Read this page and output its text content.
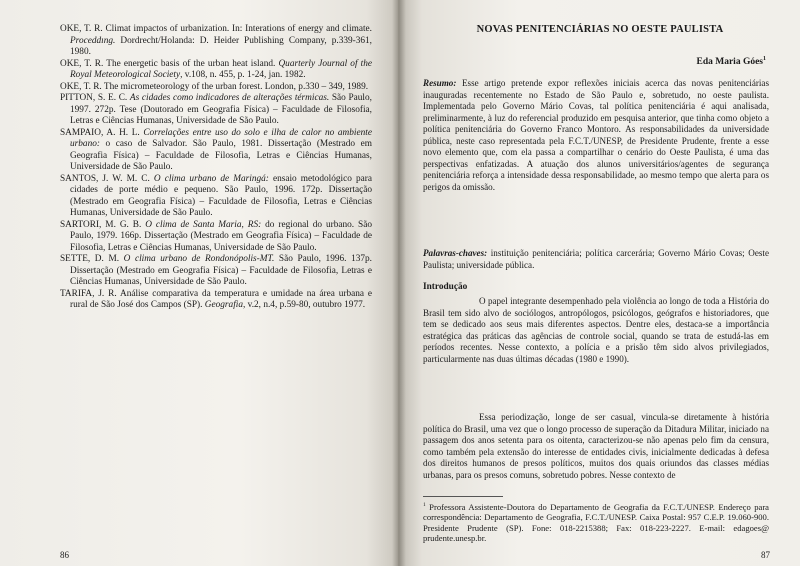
OKE, T. R. Climat impactos of urbanization. In: Interations of energy and climate. Proceddıng. Dordrecht/Holanda: D. Heider Publishing Company, p.339-361, 1980.

OKE, T. R. The energetic basis of the urban heat island. Quarterly Journal of the Royal Meteorological Society, v.108, n. 455, p. 1-24, jan. 1982.

OKE, T. R. The micrometeorology of the urban forest. London, p.330 – 349, 1989.

PITTON, S. E. C. As cidades como indicadores de alterações térmicas. São Paulo, 1997. 272p. Tese (Doutorado em Geografia Física) – Faculdade de Filosofia, Letras e Ciências Humanas, Universidade de São Paulo.

SAMPAIO, A. H. L. Correlações entre uso do solo e ilha de calor no ambiente urbano: o caso de Salvador. São Paulo, 1981. Dissertação (Mestrado em Geografia Física) – Faculdade de Filosofia, Letras e Ciências Humanas, Universidade de São Paulo.

SANTOS, J. W. M. C. O clima urbano de Maringá: ensaio metodológico para cidades de porte médio e pequeno. São Paulo, 1996. 172p. Dissertação (Mestrado em Geografia Física) – Faculdade de Filosofia, Letras e Ciências Humanas, Universidade de São Paulo.

SARTORI, M. G. B. O clima de Santa Maria, RS: do regional do urbano. São Paulo, 1979. 166p. Dissertação (Mestrado em Geografia Física) – Faculdade de Filosofia, Letras e Ciências Humanas, Universidade de São Paulo.

SETTE, D. M. O clima urbano de Rondonópolis-MT. São Paulo, 1996. 137p. Dissertação (Mestrado em Geografia Física) – Faculdade de Filosofia, Letras e Ciências Humanas, Universidade de São Paulo.

TARIFA, J. R. Análise comparativa da temperatura e umidade na área urbana e rural de São José dos Campos (SP). Geografia, v.2, n.4, p.59-80, outubro 1977.

86	87
NOVAS PENITENCIÁRIAS NO OESTE PAULISTA
Eda Maria Góes$^1$

Resumo: Esse artigo pretende expor reflexões iniciais acerca das novas penitenciárias inauguradas recentemente no Estado de São Paulo e, sobretudo, no oeste paulista. Implementada pelo Governo Mário Covas, tal política penitenciária é aqui analisada, preliminarmente, à luz do referencial produzido em pesquisa anterior, que tinha como objeto a política penitenciária do Governo Franco Montoro. As responsabilidades da universidade pública, neste caso representada pela F.C.T./UNESP, de Presidente Prudente, frente a esse novo elemento que, com ela passa a compartilhar o cenário do Oeste Paulista, é uma das perspectivas enfatizadas. A atuação dos alunos universitários/agentes de segurança penitenciária reforça a intensidade dessa responsabilidade, ao mesmo tempo que alerta para os perigos da omissão.

Palavras-chaves: instituição penitenciária; política carcerária; Governo Mário Covas; Oeste Paulista; universidade pública.

Introdução

O papel integrante desempenhado pela violência ao longo de toda a História do Brasil tem sido alvo de sociólogos, antropólogos, psicólogos, geógrafos e historiadores, que tem se dedicado aos seus mais diferentes aspectos. Dentre eles, destaca-se a importância estratégica das práticas das agências de controle social, quando se trata de estudá-las em períodos recentes. Nesse contexto, a polícia e a prisão têm sido alvos privilegiados, particularmente nas duas últimas décadas (1980 e 1990).

Essa periodização, longe de ser casual, vincula-se diretamente à história política do Brasil, uma vez que o longo processo de superação da Ditadura Militar, iniciado na passagem dos anos setenta para os oitenta, caracterizou-se não apenas pelo fim da censura, como também pela extensão do interesse de entidades civis, inicialmente dedicadas à defesa dos direitos humanos de presos políticos, muitos dos quais oriundos das classes médias urbanas, para os presos comuns, sobretudo pobres. Nesse contexto de

$^1$ Professora Assistente-Doutora do Departamento de Geografia da F.C.T./UNESP. Endereço para correspondência: Departamento de Geografia, F.C.T./UNESP. Caixa Postal: 957 C.E.P. 19.060-900. Presidente Prudente (SP). Fone: 018-2215388; Fax: 018-223-2227. E-mail: edagoes@ prudente.unesp.br.
